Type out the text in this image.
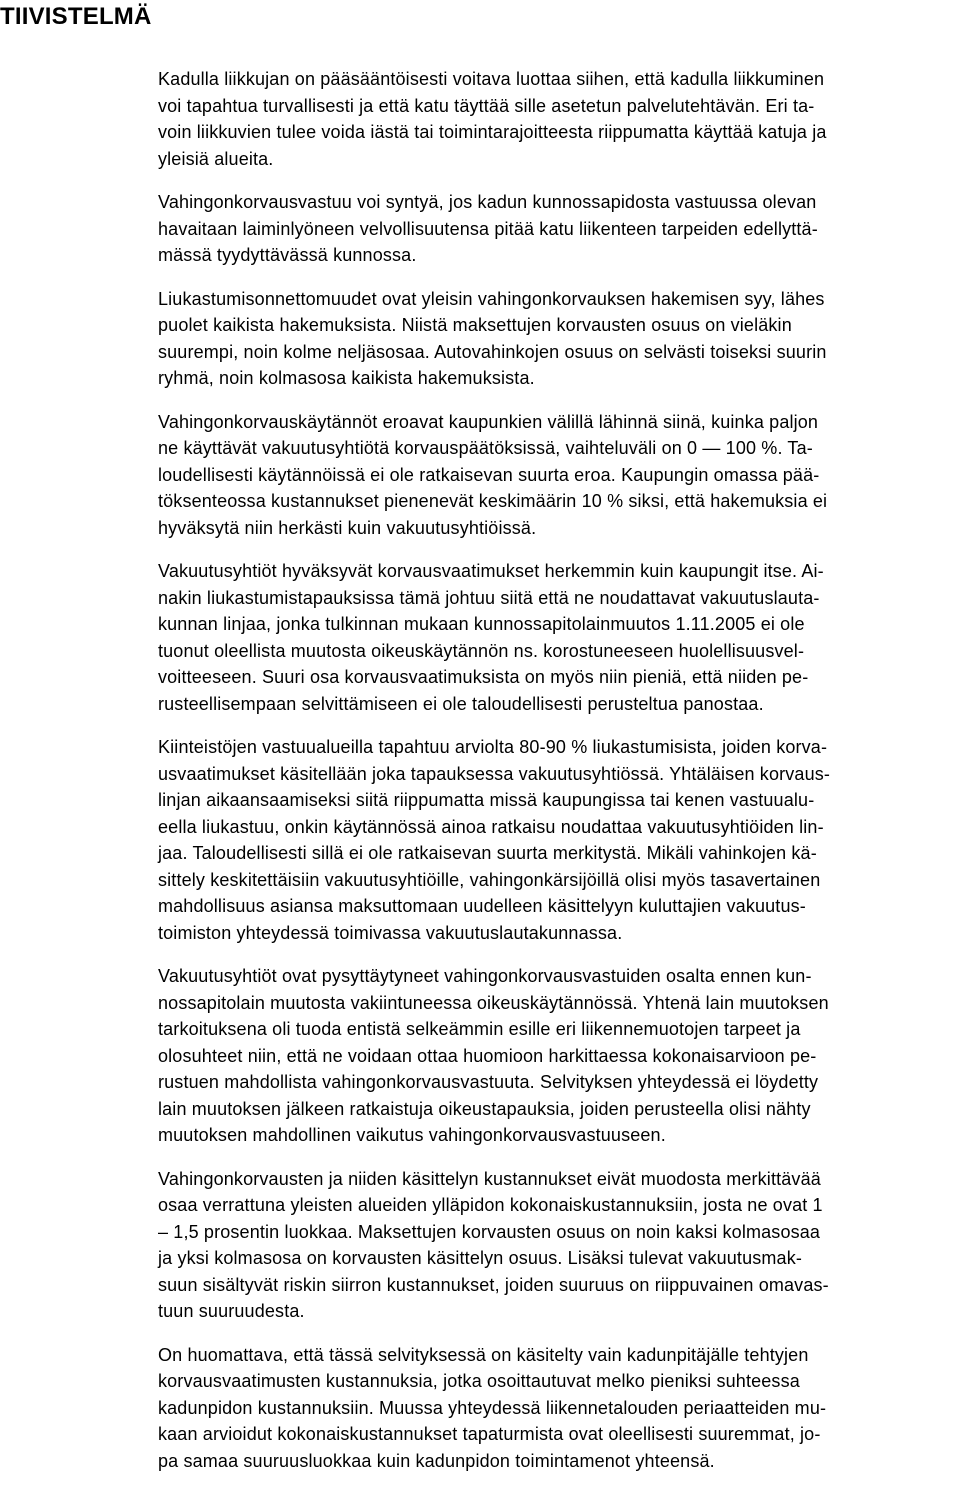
TIIVISTELMÄ

Kadulla liikkujan on pääsääntöisesti voitava luottaa siihen, että kadulla liikkuminen
voi tapahtua turvallisesti ja että katu täyttää sille asetetun palvelutehtävän. Eri ta-
voin liikkuvien tulee voida iästä tai toimintarajoitteesta riippumatta käyttää katuja ja
yleisiä alueita.

Vahingonkorvausvastuu voi syntyä, jos kadun kunnossapidosta vastuussa olevan
havaitaan laiminlyöneen velvollisuutensa pitää katu liikenteen tarpeiden edellyttä-
mässä tyydyttävässä kunnossa.

Liukastumisonnettomuudet ovat yleisin vahingonkorvauksen hakemisen syy, lähes
puolet kaikista hakemuksista. Niistä maksettujen korvausten osuus on vieläkin
suurempi, noin kolme neljäsosaa. Autovahinkojen osuus on selvästi toiseksi suurin
ryhmä, noin kolmasosa kaikista hakemuksista.

Vahingonkorvauskäytännöt eroavat kaupunkien välillä lähinnä siinä, kuinka paljon
ne käyttävät vakuutusyhtiötä korvauspäätöksissä, vaihteluväli on 0 — 100 %. Ta-
loudellisesti käytännöissä ei ole ratkaisevan suurta eroa. Kaupungin omassa pää-
töksenteossa kustannukset pienenevät keskimäärin 10 % siksi, että hakemuksia ei
hyväksytä niin herkästi kuin vakuutusyhtiöissä.

Vakuutusyhtiöt hyväksyvät korvausvaatimukset herkemmin kuin kaupungit itse. Ai-
nakin liukastumistapauksissa tämä johtuu siitä että ne noudattavat vakuutuslauta-
kunnan linjaa, jonka tulkinnan mukaan kunnossapitolainmuutos 1.11.2005 ei ole
tuonut oleellista muutosta oikeuskäytännön ns. korostuneeseen huolellisuusvel-
voitteeseen. Suuri osa korvausvaatimuksista on myös niin pieniä, että niiden pe-
rusteellisempaan selvittämiseen ei ole taloudellisesti perusteltua panostaa.

Kiinteistöjen vastuualueilla tapahtuu arviolta 80-90 % liukastumisista, joiden korva-
usvaatimukset käsitellään joka tapauksessa vakuutusyhtiössä. Yhtäläisen korvaus-
linjan aikaansaamiseksi siitä riippumatta missä kaupungissa tai kenen vastuualu-
eella liukastuu, onkin käytännössä ainoa ratkaisu noudattaa vakuutusyhtiöiden lin-
jaa. Taloudellisesti sillä ei ole ratkaisevan suurta merkitystä. Mikäli vahinkojen kä-
sittely keskitettäisiin vakuutusyhtiöille, vahingonkärsijöillä olisi myös tasavertainen
mahdollisuus asiansa maksuttomaan uudelleen käsittelyyn kuluttajien vakuutus-
toimiston yhteydessä toimivassa vakuutuslautakunnassa.

Vakuutusyhtiöt ovat pysyttäytyneet vahingonkorvausvastuiden osalta ennen kun-
nossapitolain muutosta vakiintuneessa oikeuskäytännössä. Yhtenä lain muutoksen
tarkoituksena oli tuoda entistä selkeämmin esille eri liikennemuotojen tarpeet ja
olosuhteet niin, että ne voidaan ottaa huomioon harkittaessa kokonaisarvioon pe-
rustuen mahdollista vahingonkorvausvastuuta. Selvityksen yhteydessä ei löydetty
lain muutoksen jälkeen ratkaistuja oikeustapauksia, joiden perusteella olisi nähty
muutoksen mahdollinen vaikutus vahingonkorvausvastuuseen.

Vahingonkorvausten ja niiden käsittelyn kustannukset eivät muodosta merkittävää
osaa verrattuna yleisten alueiden ylläpidon kokonaiskustannuksiin, josta ne ovat 1
– 1,5 prosentin luokkaa. Maksettujen korvausten osuus on noin kaksi kolmasosaa
ja yksi kolmasosa on korvausten käsittelyn osuus. Lisäksi tulevat vakuutusmak-
suun sisältyvät riskin siirron kustannukset, joiden suuruus on riippuvainen omavas-
tuun suuruudesta.

On huomattava, että tässä selvityksessä on käsitelty vain kadunpitäjälle tehtyjen
korvausvaatimusten kustannuksia, jotka osoittautuvat melko pieniksi suhteessa
kadunpidon kustannuksiin. Muussa yhteydessä liikennetalouden periaatteiden mu-
kaan arvioidut kokonaiskustannukset tapaturmista ovat oleellisesti suuremmat, jo-
pa samaa suuruusluokkaa kuin kadunpidon toimintamenot yhteensä.
